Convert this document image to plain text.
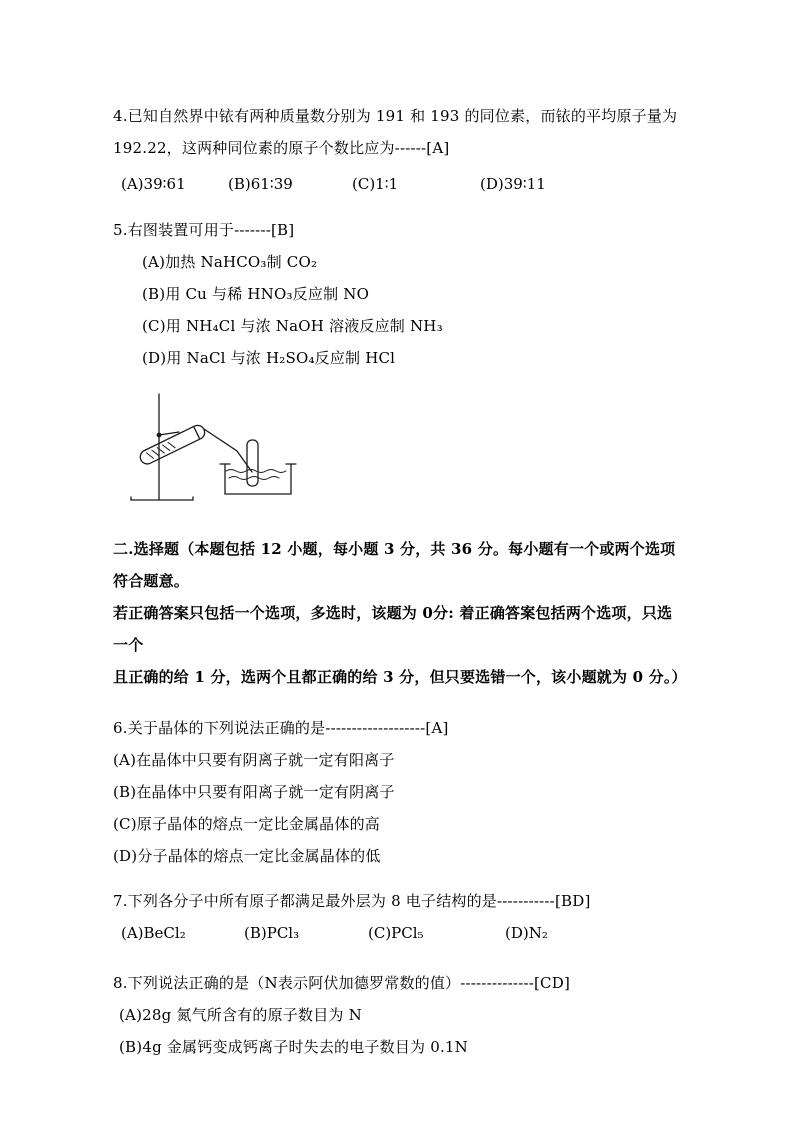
4.已知自然界中铱有两种质量数分别为 191 和 193 的同位素，而铱的平均原子量为
192.22，这两种同位素的原子个数比应为------[A]
(A)39∶61	(B)61∶39	(C)1∶1	(D)39∶11
5.右图装置可用于-------[B]
(A)加热 NaHCO₃制 CO₂
(B)用 Cu 与稀 HNO₃反应制 NO
(C)用 NH₄Cl 与浓 NaOH 溶液反应制 NH₃
(D)用 NaCl 与浓 H₂SO₄反应制 HCl
二.选择题（本题包括 12 小题，每小题 3 分，共 36 分。每小题有一个或两个选项符合题意。
若正确答案只包括一个选项，多选时，该题为 0分: 着正确答案包括两个选项，只选一个
且正确的给 1 分，选两个且都正确的给 3 分，但只要选错一个，该小题就为 0 分。）
6.关于晶体的下列说法正确的是-------------------[A]
(A)在晶体中只要有阴离子就一定有阳离子
(B)在晶体中只要有阳离子就一定有阴离子
(C)原子晶体的熔点一定比金属晶体的高
(D)分子晶体的熔点一定比金属晶体的低
7.下列各分子中所有原子都满足最外层为 8 电子结构的是-----------[BD]
(A)BeCl₂	(B)PCl₃	(C)PCl₅	(D)N₂
8.下列说法正确的是（N表示阿伏加德罗常数的值）--------------[CD]
(A)28g 氮气所含有的原子数目为 N
(B)4g 金属钙变成钙离子时失去的电子数目为 0.1N
